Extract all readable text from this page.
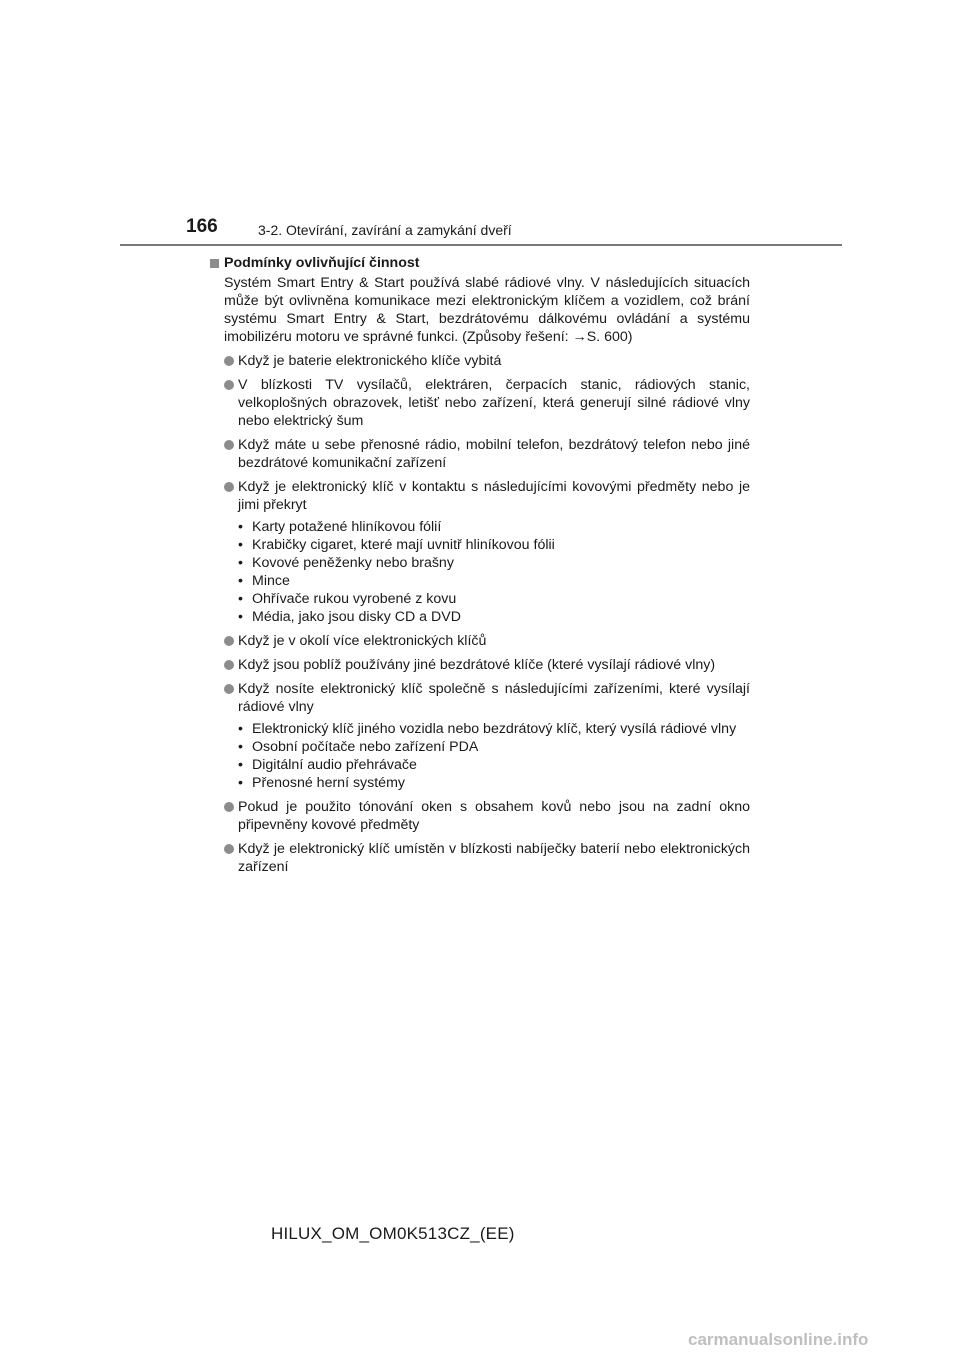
166	3-2. Otevírání, zavírání a zamykání dveří
Podmínky ovlivňující činnost
Systém Smart Entry & Start používá slabé rádiové vlny. V následujících situacích může být ovlivněna komunikace mezi elektronickým klíčem a vozidlem, což brání systému Smart Entry & Start, bezdrátovému dálkovému ovládání a systému imobilizéru motoru ve správné funkci. (Způsoby řešení: →S. 600)
Když je baterie elektronického klíče vybitá
V blízkosti TV vysílačů, elektráren, čerpacích stanic, rádiových stanic, velkoplošných obrazovek, letišť nebo zařízení, která generují silné rádiové vlny nebo elektrický šum
Když máte u sebe přenosné rádio, mobilní telefon, bezdrátový telefon nebo jiné bezdrátové komunikační zařízení
Když je elektronický klíč v kontaktu s následujícími kovovými předměty nebo je jimi překryt
• Karty potažené hliníkovou fólií
• Krabičky cigaret, které mají uvnitř hliníkovou fólii
• Kovové peněženky nebo brašny
• Mince
• Ohřívače rukou vyrobené z kovu
• Média, jako jsou disky CD a DVD
Když je v okolí více elektronických klíčů
Když jsou poblíž používány jiné bezdrátové klíče (které vysílají rádiové vlny)
Když nosíte elektronický klíč společně s následujícími zařízeními, které vysílají rádiové vlny
• Elektronický klíč jiného vozidla nebo bezdrátový klíč, který vysílá rádiové vlny
• Osobní počítače nebo zařízení PDA
• Digitální audio přehrávače
• Přenosné herní systémy
Pokud je použito tónování oken s obsahem kovů nebo jsou na zadní okno připevněny kovové předměty
Když je elektronický klíč umístěn v blízkosti nabíječky baterií nebo elektronických zařízení
HILUX_OM_OM0K513CZ_(EE)
carmanualsonline.info
